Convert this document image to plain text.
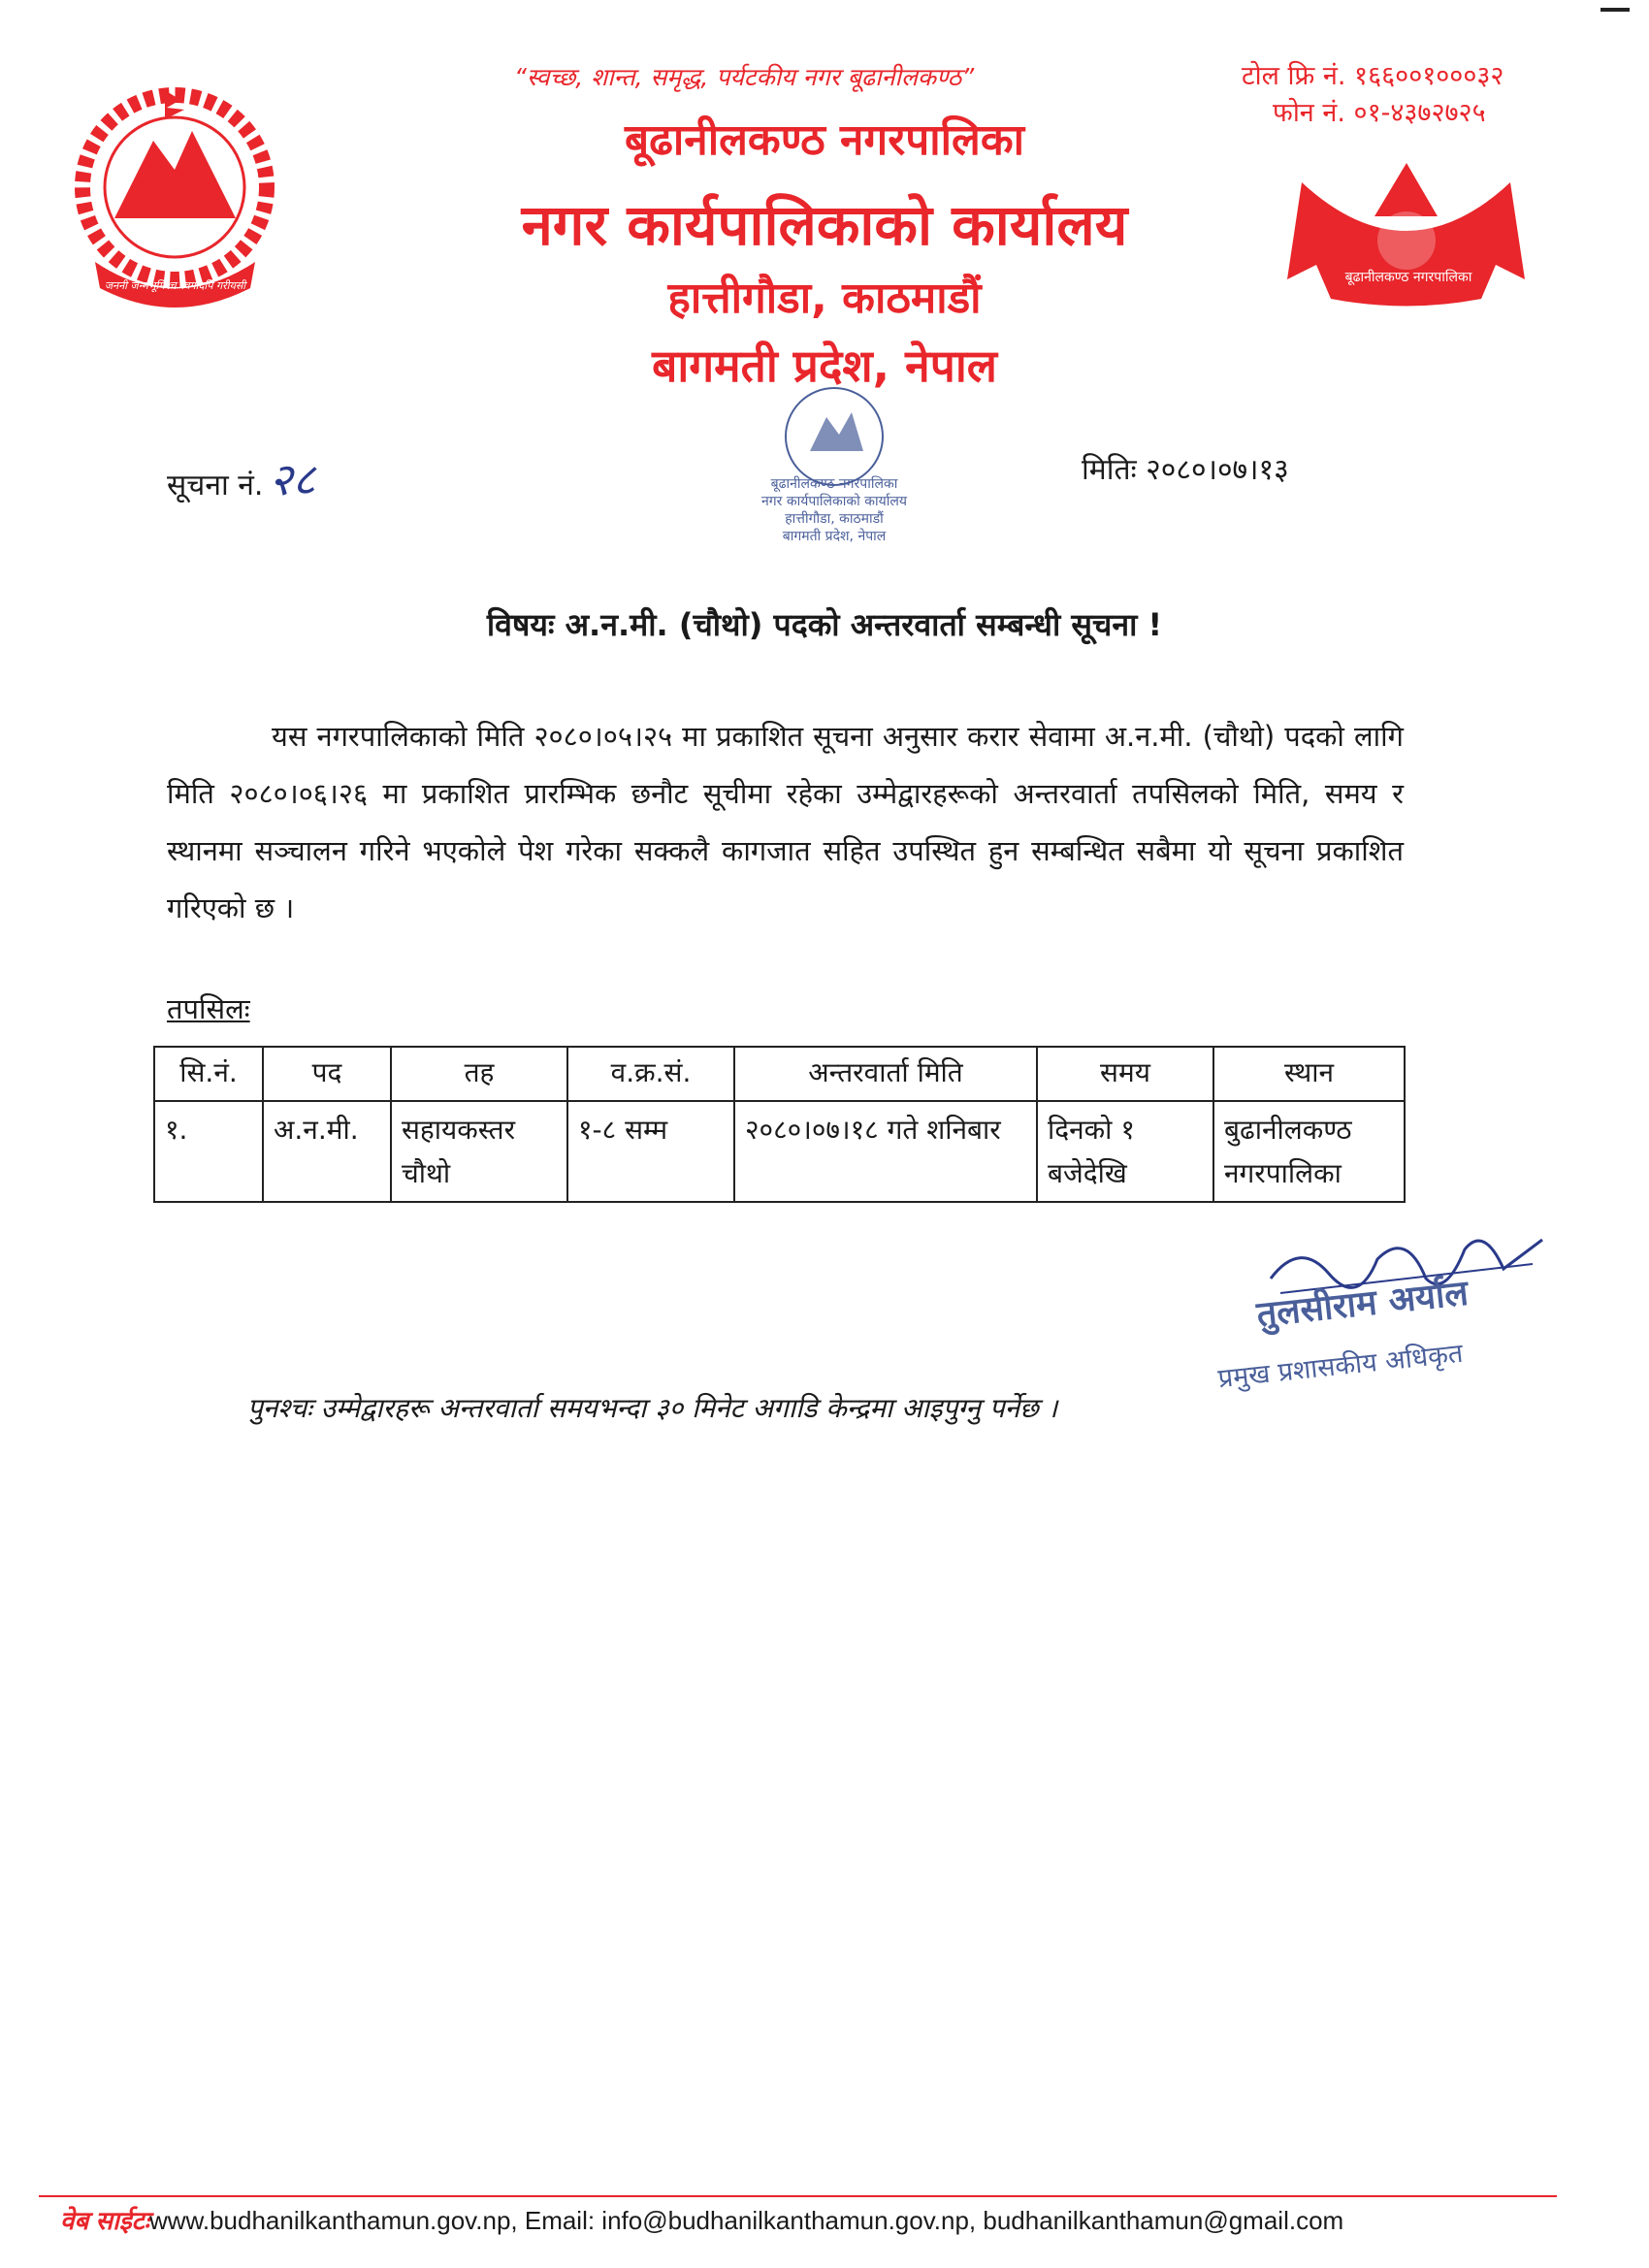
जननी जन्मभूमिश्च स्वर्गादपि गरीयसी
बूढानीलकण्ठ नगरपालिका
“स्वच्छ, शान्त, समृद्ध, पर्यटकीय नगर बूढानीलकण्ठ”	टोल फ्रि नं. १६६००१०००३२
फोन नं. ०१-४३७२७२५
बूढानीलकण्ठ नगरपालिका
नगर कार्यपालिकाको कार्यालय
हात्तीगौडा, काठमाडौं
बागमती प्रदेश, नेपाल
बूढानीलकण्ठ नगरपालिका
नगर कार्यपालिकाको कार्यालय
हात्तीगौडा, काठमाडौं
बागमती प्रदेश, नेपाल
सूचना नं. २८	मितिः २०८०।०७।१३
विषयः अ.न.मी. (चौथो) पदको अन्तरवार्ता सम्बन्धी सूचना !
यस नगरपालिकाको मिति २०८०।०५।२५ मा प्रकाशित सूचना अनुसार करार सेवामा अ.न.मी. (चौथो) पदको लागि मिति २०८०।०६।२६ मा प्रकाशित प्रारम्भिक छनौट सूचीमा रहेका उम्मेद्वारहरूको अन्तरवार्ता तपसिलको मिति, समय र स्थानमा सञ्चालन गरिने भएकोले पेश गरेका सक्कलै कागजात सहित उपस्थित हुन सम्बन्धित सबैमा यो सूचना प्रकाशित गरिएको छ ।
तपसिलः
सि.नं.	पद	तह	व.क्र.सं.	अन्तरवार्ता मिति	समय	स्थान
१.	अ.न.मी.	सहायकस्तर चौथो	१-८ सम्म	२०८०।०७।१८ गते शनिबार	दिनको १ बजेदेखि	बुढानीलकण्ठ नगरपालिका
तुलसीराम अर्याल
प्रमुख प्रशासकीय अधिकृत
पुनश्चः उम्मेद्वारहरू अन्तरवार्ता समयभन्दा ३० मिनेट अगाडि केन्द्रमा आइपुग्नु पर्नेछ ।
वेब साईटःwww.budhanilkanthamun.gov.np, Email: info@budhanilkanthamun.gov.np, budhanilkanthamun@gmail.com
